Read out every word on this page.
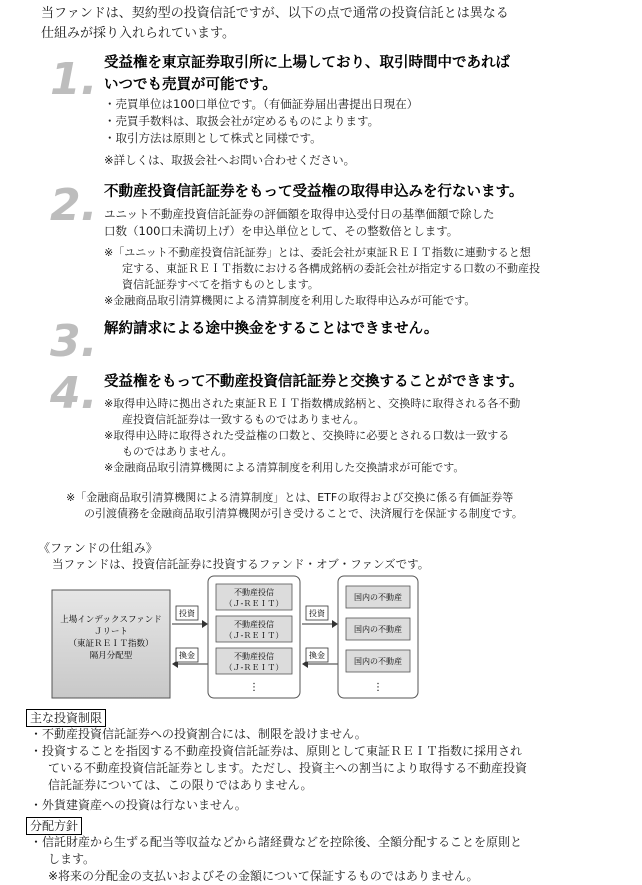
当ファンドは、契約型の投資信託ですが、以下の点で通常の投資信託とは異なる
仕組みが採り入れられています。
1. 受益権を東京証券取引所に上場しており、取引時間中であれば
いつでも売買が可能です。
・売買単位は100口単位です。（有価証券届出書提出日現在）
・売買手数料は、取扱会社が定めるものによります。
・取引方法は原則として株式と同様です。
※詳しくは、取扱会社へお問い合わせください。
2. 不動産投資信託証券をもって受益権の取得申込みを行ないます。
ユニット不動産投資信託証券の評価額を取得申込受付日の基準価額で除した
口数（100口未満切上げ）を申込単位として、その整数倍とします。
※「ユニット不動産投資信託証券」とは、委託会社が東証ＲＥＩＴ指数に連動すると想
定する、東証ＲＥＩＴ指数における各構成銘柄の委託会社が指定する口数の不動産投
資信託証券すべてを指すものとします。
※金融商品取引清算機関による清算制度を利用した取得申込みが可能です。
3. 解約請求による途中換金をすることはできません。
4. 受益権をもって不動産投資信託証券と交換することができます。
※取得申込時に拠出された東証ＲＥＩＴ指数構成銘柄と、交換時に取得される各不動
産投資信託証券は一致するものではありません。
※取得申込時に取得された受益権の口数と、交換時に必要とされる口数は一致する
ものではありません。
※金融商品取引清算機関による清算制度を利用した交換請求が可能です。
※「金融商品取引清算機関による清算制度」とは、ETFの取得および交換に係る有価証券等
の引渡債務を金融商品取引清算機関が引き受けることで、決済履行を保証する制度です。
《ファンドの仕組み》
当ファンドは、投資信託証券に投資するファンド・オブ・ファンズです。
上場インデックスファンド
Ｊリート
（東証ＲＥＩＴ指数）
隔月分配型
投資
換金
不動産投信
（Ｊ-ＲＥＩＴ）
不動産投信
（Ｊ-ＲＥＩＴ）
不動産投信
（Ｊ-ＲＥＩＴ）
⋮
投資
換金
国内の不動産
国内の不動産
国内の不動産
⋮
主な投資制限
・不動産投資信託証券への投資割合には、制限を設けません。
・投資することを指図する不動産投資信託証券は、原則として東証ＲＥＩＴ指数に採用され
ている不動産投資信託証券とします。ただし、投資主への割当により取得する不動産投資
信託証券については、この限りではありません。
・外貨建資産への投資は行ないません。
分配方針
・信託財産から生ずる配当等収益などから諸経費などを控除後、全額分配することを原則と
します。
※将来の分配金の支払いおよびその金額について保証するものではありません。
